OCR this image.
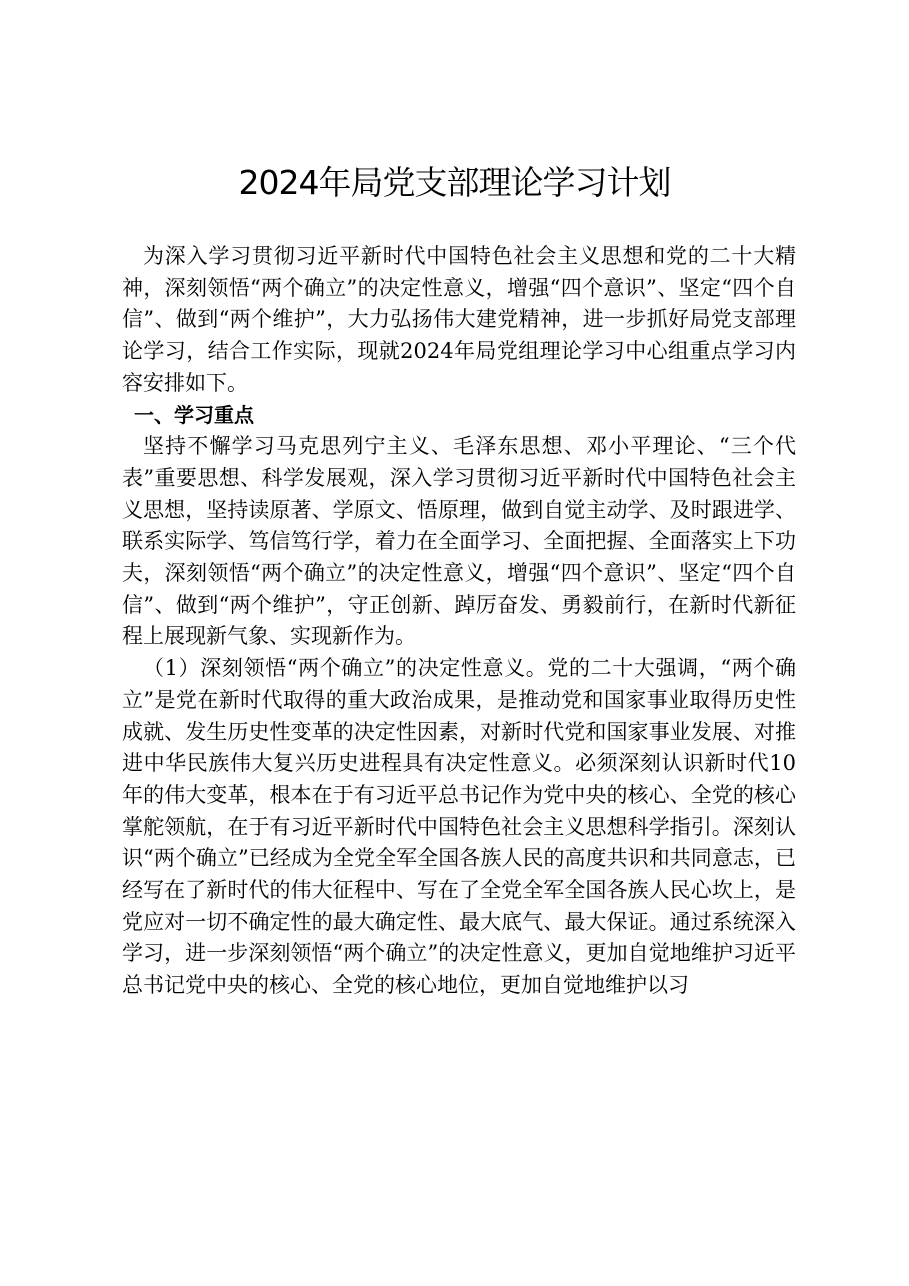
2024年局党支部理论学习计划

为深入学习贯彻习近平新时代中国特色社会主义思想和党的二十大精神，深刻领悟“两个确立”的决定性意义，增强“四个意识”、坚定“四个自信”、做到“两个维护”，大力弘扬伟大建党精神，进一步抓好局党支部理论学习，结合工作实际，现就2024年局党组理论学习中心组重点学习内容安排如下。

一、学习重点

坚持不懈学习马克思列宁主义、毛泽东思想、邓小平理论、“三个代表”重要思想、科学发展观，深入学习贯彻习近平新时代中国特色社会主义思想，坚持读原著、学原文、悟原理，做到自觉主动学、及时跟进学、联系实际学、笃信笃行学，着力在全面学习、全面把握、全面落实上下功夫，深刻领悟“两个确立”的决定性意义，增强“四个意识”、坚定“四个自信”、做到“两个维护”，守正创新、踔厉奋发、勇毅前行，在新时代新征程上展现新气象、实现新作为。

（1）深刻领悟“两个确立”的决定性意义。党的二十大强调，“两个确立”是党在新时代取得的重大政治成果，是推动党和国家事业取得历史性成就、发生历史性变革的决定性因素，对新时代党和国家事业发展、对推进中华民族伟大复兴历史进程具有决定性意义。必须深刻认识新时代10年的伟大变革，根本在于有习近平总书记作为党中央的核心、全党的核心掌舵领航，在于有习近平新时代中国特色社会主义思想科学指引。深刻认识“两个确立”已经成为全党全军全国各族人民的高度共识和共同意志，已经写在了新时代的伟大征程中、写在了全党全军全国各族人民心坎上，是党应对一切不确定性的最大确定性、最大底气、最大保证。通过系统深入学习，进一步深刻领悟“两个确立”的决定性意义，更加自觉地维护习近平总书记党中央的核心、全党的核心地位，更加自觉地维护以习
